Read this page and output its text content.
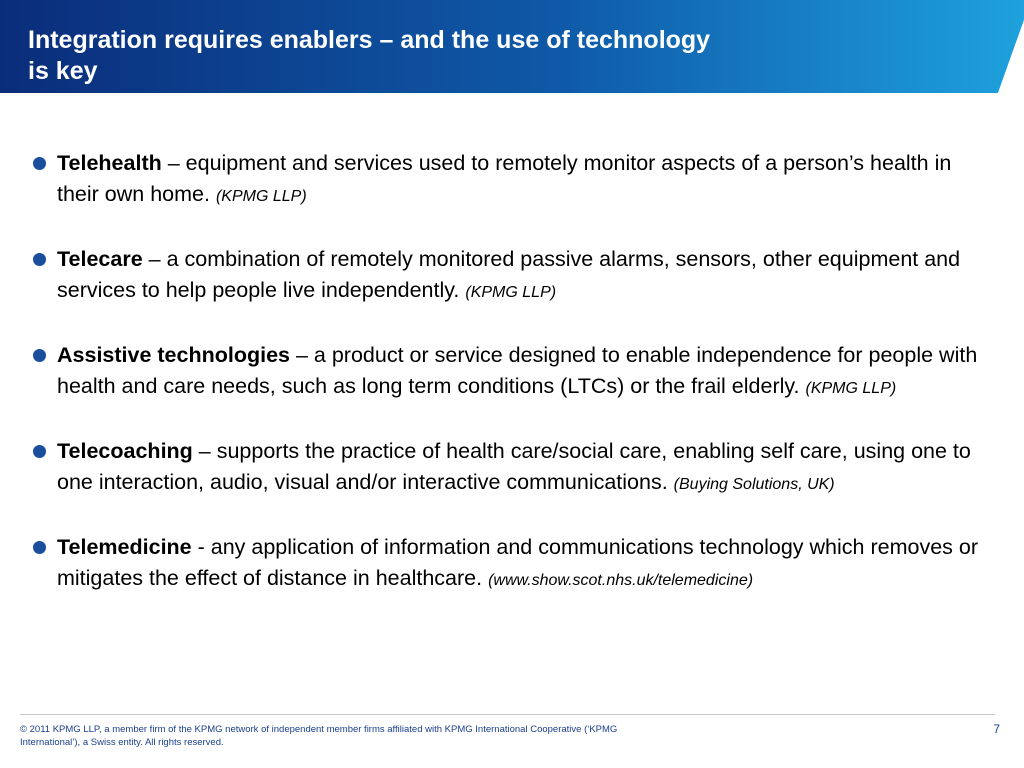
Integration requires enablers – and the use of technology
is key
Telehealth – equipment and services used to remotely monitor aspects of a person’s health in their own home. (KPMG LLP)
Telecare – a combination of remotely monitored passive alarms, sensors, other equipment and services to help people live independently. (KPMG LLP)
Assistive technologies – a product or service designed to enable independence for people with health and care needs, such as long term conditions (LTCs) or the frail elderly. (KPMG LLP)
Telecoaching – supports the practice of health care/social care, enabling self care, using one to one interaction, audio, visual and/or interactive communications. (Buying Solutions, UK)
Telemedicine - any application of information and communications technology which removes or mitigates the effect of distance in healthcare. (www.show.scot.nhs.uk/telemedicine)

© 2011 KPMG LLP, a member firm of the KPMG network of independent member firms affiliated with KPMG International Cooperative (‘KPMG
International’), a Swiss entity. All rights reserved.

7
